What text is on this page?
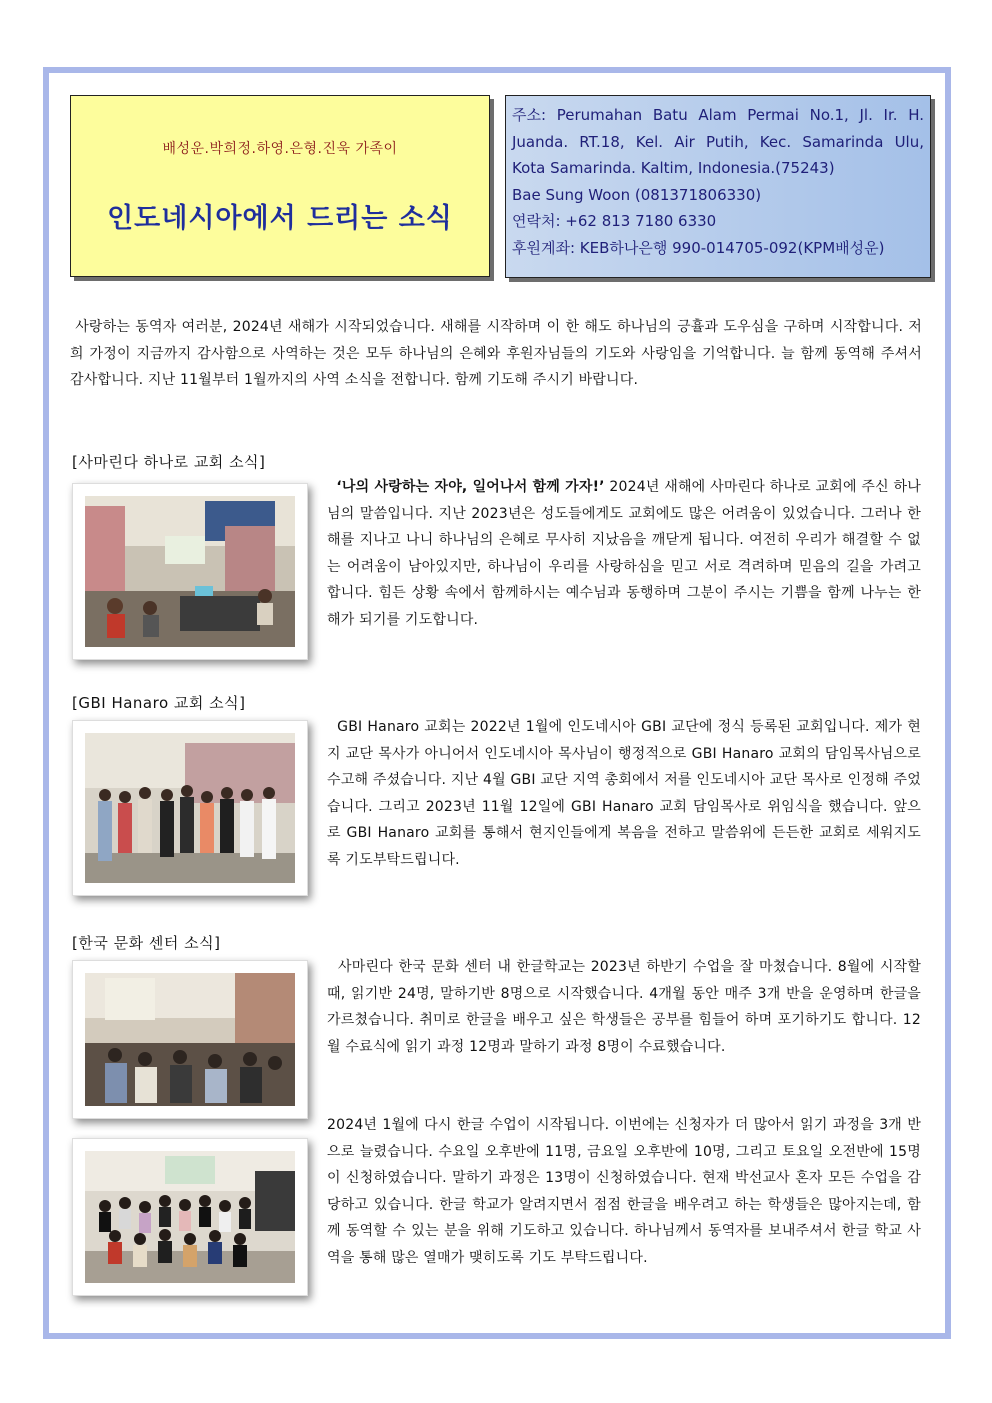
배성운.박희정.하영.은형.진욱 가족이
인도네시아에서 드리는 소식
주소: Perumahan Batu Alam Permai No.1, Jl. Ir. H.
Juanda. RT.18, Kel. Air Putih, Kec. Samarinda Ulu,
Kota Samarinda. Kaltim, Indonesia.(75243)
Bae Sung Woon (081371806330)
연락처: +62 813 7180 6330
후원계좌: KEB하나은행 990-014705-092(KPM배성운)
사랑하는 동역자 여러분, 2024년 새해가 시작되었습니다. 새해를 시작하며 이 한 해도 하나님의 긍휼과 도우심을 구하며 시작합니다. 저희 가정이 지금까지 감사함으로 사역하는 것은 모두 하나님의 은혜와 후원자님들의 기도와 사랑임을 기억합니다. 늘 함께 동역해 주셔서 감사합니다. 지난 11월부터 1월까지의 사역 소식을 전합니다. 함께 기도해 주시기 바랍니다.
[사마린다 하나로 교회 소식]
‘나의 사랑하는 자야, 일어나서 함께 가자!’ 2024년 새해에 사마린다 하나로 교회에 주신 하나님의 말씀입니다. 지난 2023년은 성도들에게도 교회에도 많은 어려움이 있었습니다. 그러나 한 해를 지나고 나니 하나님의 은혜로 무사히 지났음을 깨닫게 됩니다. 여전히 우리가 해결할 수 없는 어려움이 남아있지만, 하나님이 우리를 사랑하심을 믿고 서로 격려하며 믿음의 길을 가려고 합니다. 힘든 상황 속에서 함께하시는 예수님과 동행하며 그분이 주시는 기쁨을 함께 나누는 한 해가 되기를 기도합니다.
[GBI Hanaro 교회 소식]
GBI Hanaro 교회는 2022년 1월에 인도네시아 GBI 교단에 정식 등록된 교회입니다. 제가 현지 교단 목사가 아니어서 인도네시아 목사님이 행정적으로 GBI Hanaro 교회의 담임목사님으로 수고해 주셨습니다. 지난 4월 GBI 교단 지역 총회에서 저를 인도네시아 교단 목사로 인정해 주었습니다. 그리고 2023년 11월 12일에 GBI Hanaro 교회 담임목사로 위임식을 했습니다. 앞으로 GBI Hanaro 교회를 통해서 현지인들에게 복음을 전하고 말씀위에 든든한 교회로 세워지도록 기도부탁드립니다.
[한국 문화 센터 소식]
사마린다 한국 문화 센터 내 한글학교는 2023년 하반기 수업을 잘 마쳤습니다. 8월에 시작할 때, 읽기반 24명, 말하기반 8명으로 시작했습니다. 4개월 동안 매주 3개 반을 운영하며 한글을 가르쳤습니다. 취미로 한글을 배우고 싶은 학생들은 공부를 힘들어 하며 포기하기도 합니다. 12월 수료식에 읽기 과정 12명과 말하기 과정 8명이 수료했습니다.
2024년 1월에 다시 한글 수업이 시작됩니다. 이번에는 신청자가 더 많아서 읽기 과정을 3개 반으로 늘렸습니다. 수요일 오후반에 11명, 금요일 오후반에 10명, 그리고 토요일 오전반에 15명이 신청하였습니다. 말하기 과정은 13명이 신청하였습니다. 현재 박선교사 혼자 모든 수업을 감당하고 있습니다. 한글 학교가 알려지면서 점점 한글을 배우려고 하는 학생들은 많아지는데, 함께 동역할 수 있는 분을 위해 기도하고 있습니다. 하나님께서 동역자를 보내주셔서 한글 학교 사역을 통해 많은 열매가 맺히도록 기도 부탁드립니다.
